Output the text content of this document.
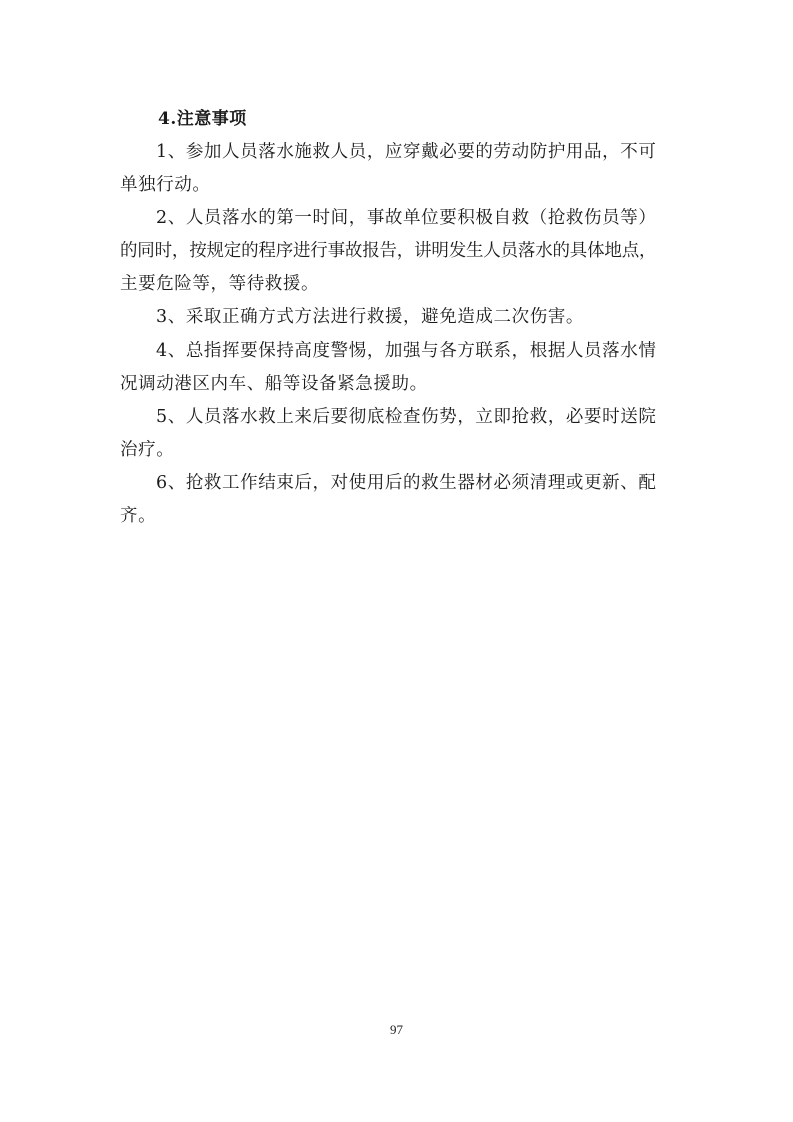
4.注意事项
1、参加人员落水施救人员，应穿戴必要的劳动防护用品，不可
单独行动。
2、人员落水的第一时间，事故单位要积极自救（抢救伤员等）
的同时，按规定的程序进行事故报告，讲明发生人员落水的具体地点，
主要危险等，等待救援。
3、采取正确方式方法进行救援，避免造成二次伤害。
4、总指挥要保持高度警惕，加强与各方联系，根据人员落水情
况调动港区内车、船等设备紧急援助。
5、人员落水救上来后要彻底检查伤势，立即抢救，必要时送院
治疗。
6、抢救工作结束后，对使用后的救生器材必须清理或更新、配
齐。
97
